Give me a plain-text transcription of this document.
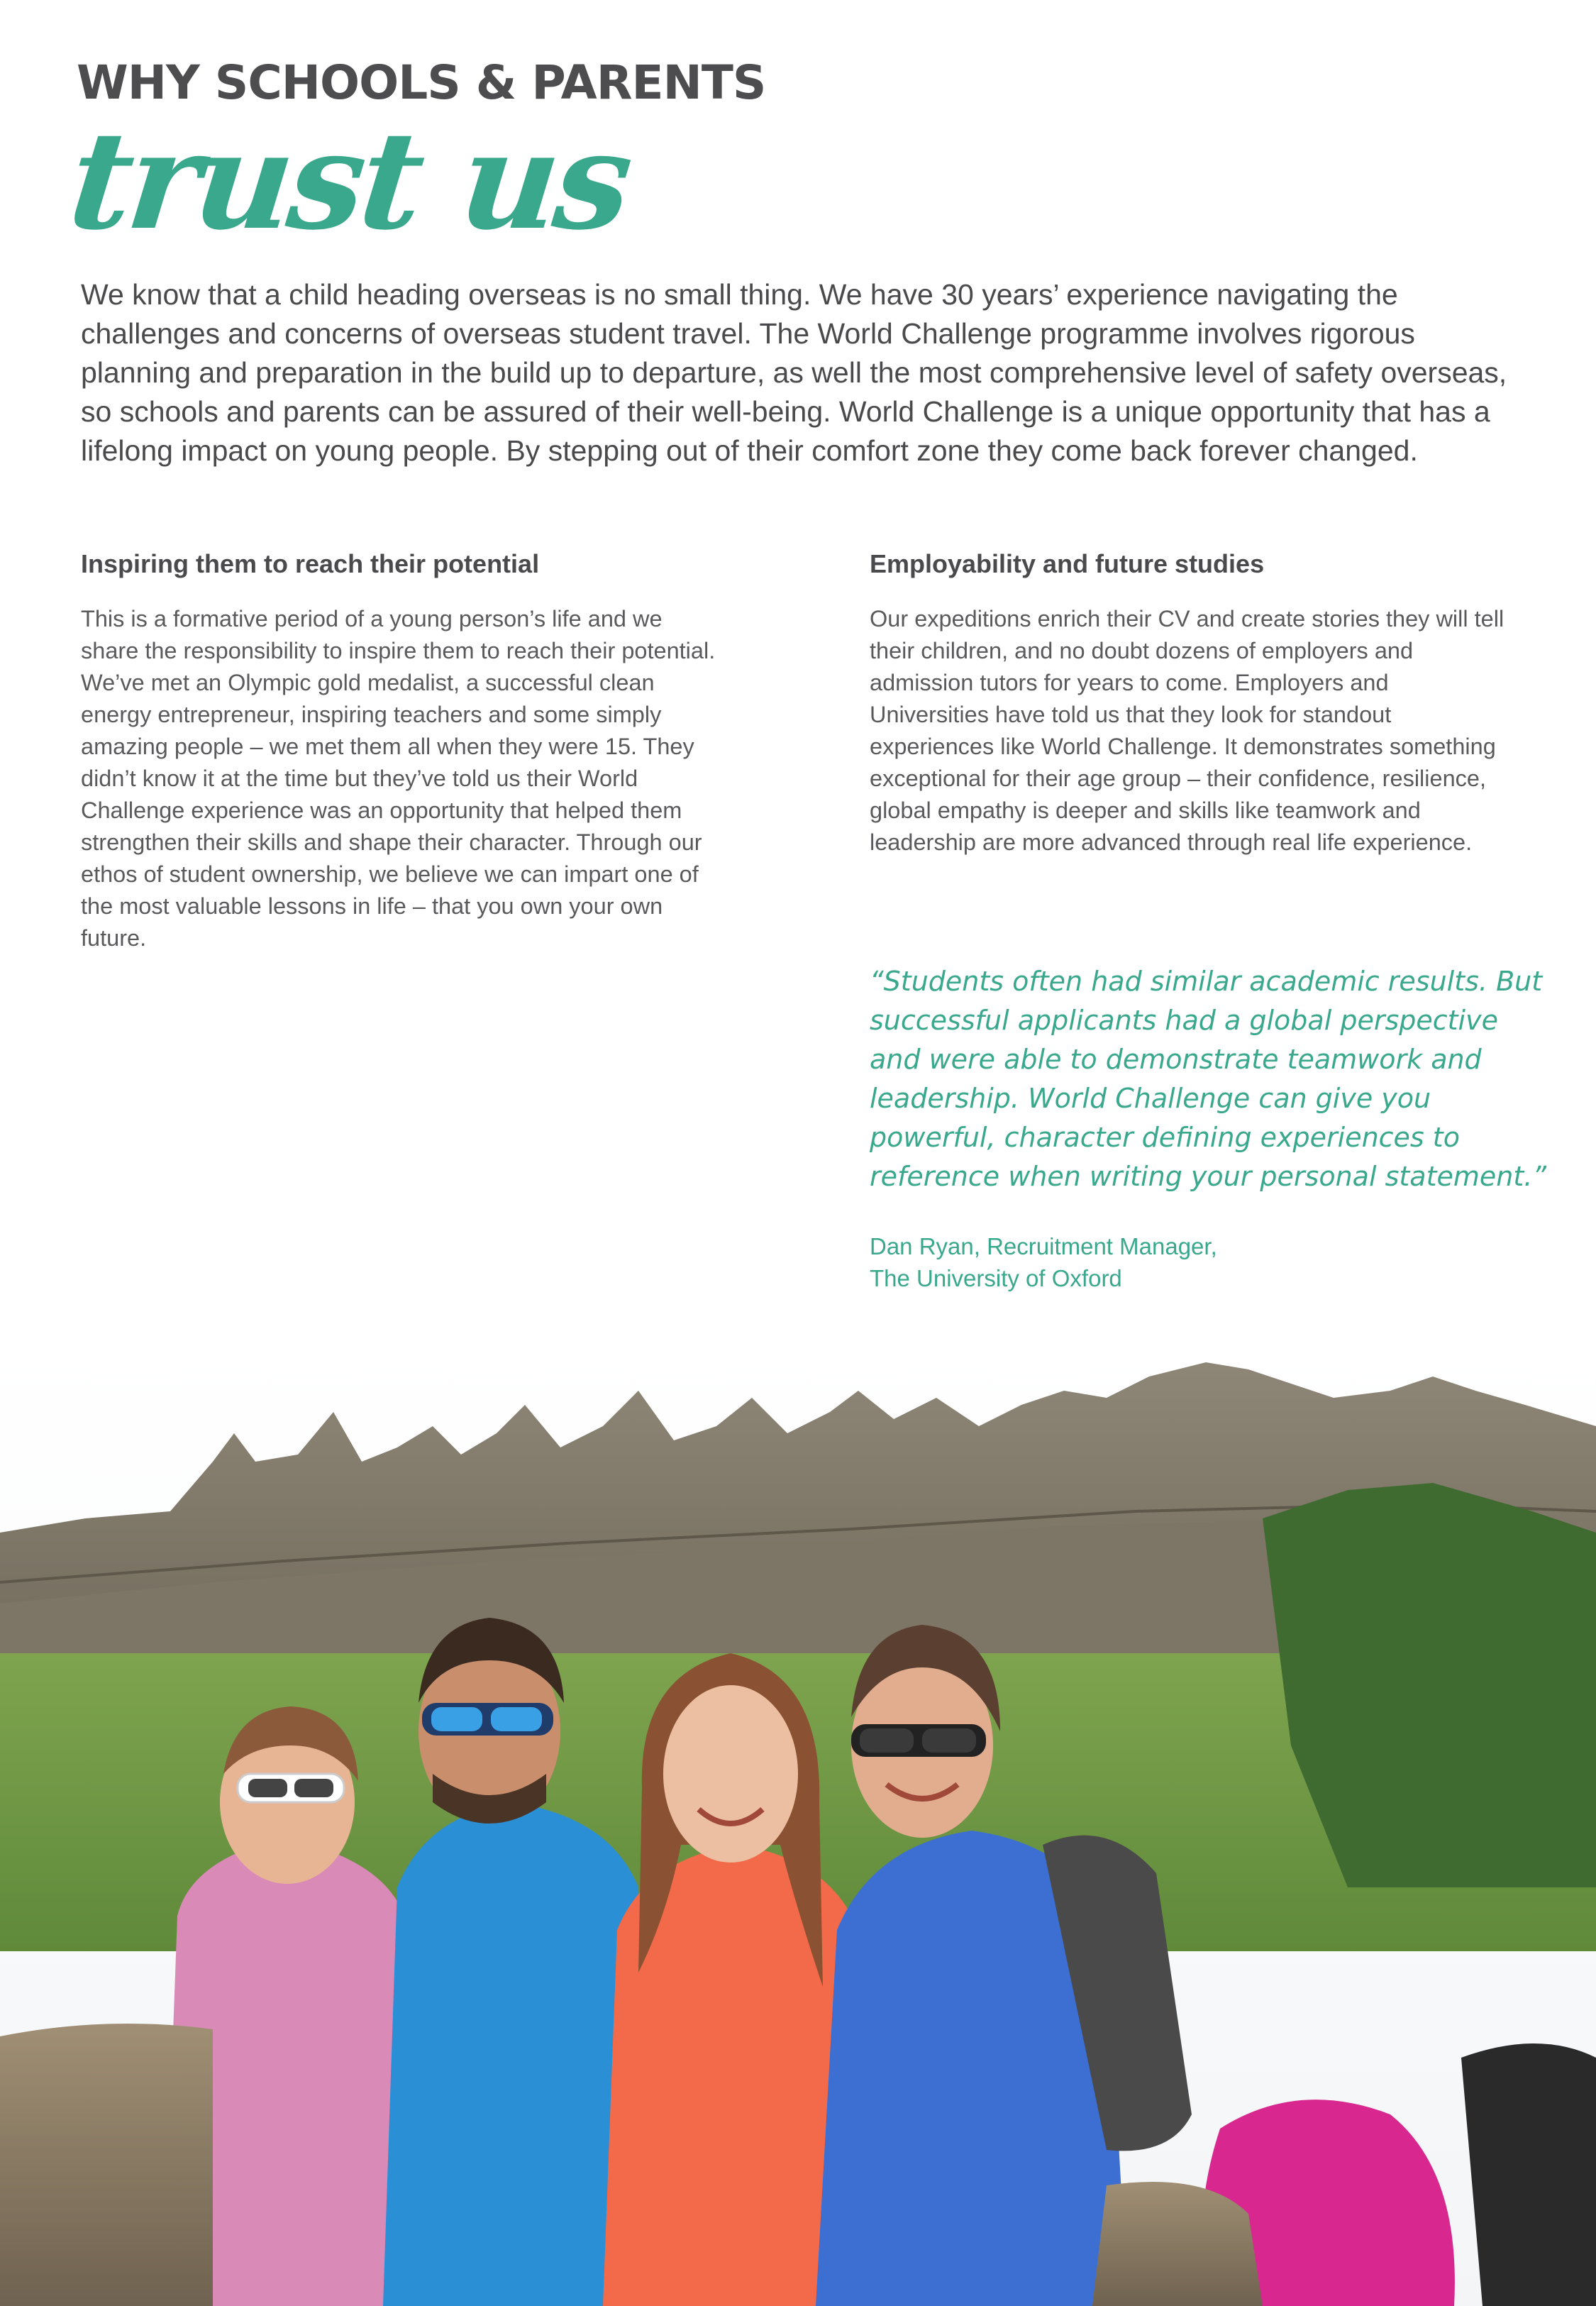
WHY SCHOOLS & PARENTS
trust us

We know that a child heading overseas is no small thing. We have 30 years’ experience navigating the challenges and concerns of overseas student travel. The World Challenge programme involves rigorous planning and preparation in the build up to departure, as well the most comprehensive level of safety overseas, so schools and parents can be assured of their well-being. World Challenge is a unique opportunity that has a lifelong impact on young people. By stepping out of their comfort zone they come back forever changed.

Inspiring them to reach their potential

This is a formative period of a young person’s life and we share the responsibility to inspire them to reach their potential. We’ve met an Olympic gold medalist, a successful clean energy entrepreneur, inspiring teachers and some simply amazing people – we met them all when they were 15. They didn’t know it at the time but they’ve told us their World Challenge experience was an opportunity that helped them strengthen their skills and shape their character. Through our ethos of student ownership, we believe we can impart one of the most valuable lessons in life – that you own your own future.

Employability and future studies

Our expeditions enrich their CV and create stories they will tell their children, and no doubt dozens of employers and admission tutors for years to come. Employers and Universities have told us that they look for standout experiences like World Challenge. It demonstrates something exceptional for their age group – their confidence, resilience, global empathy is deeper and skills like teamwork and leadership are more advanced through real life experience.

“Students often had similar academic results. But successful applicants had a global perspective and were able to demonstrate teamwork and leadership. World Challenge can give you powerful, character defining experiences to reference when writing your personal statement.”

Dan Ryan, Recruitment Manager,
The University of Oxford
